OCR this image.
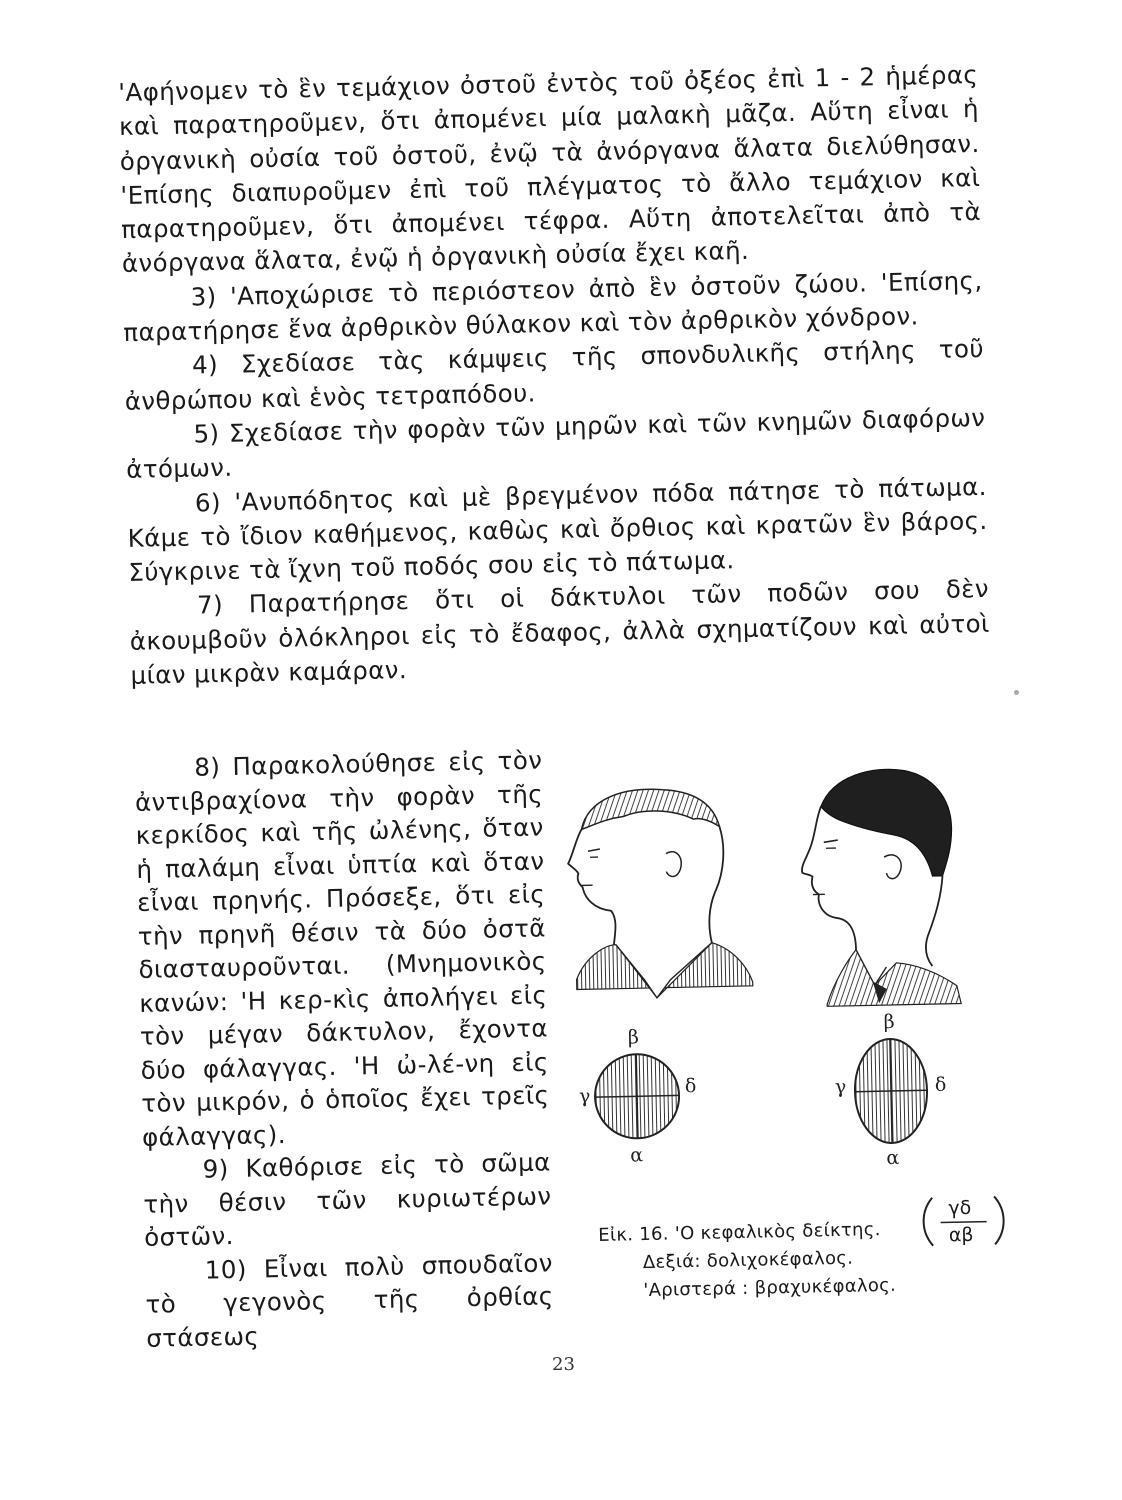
'Αφήνομεν τὸ ἓν τεμάχιον ὀστοῦ ἐντὸς τοῦ ὀξέος ἐπὶ 1 - 2 ἡμέρας καὶ παρατηροῦμεν, ὅτι ἀπομένει μία μαλακὴ μᾶζα. Αὕτη εἶναι ἡ ὀργανικὴ οὐσία τοῦ ὀστοῦ, ἐνῷ τὰ ἀνόργανα ἅλατα διελύθησαν. 'Επίσης διαπυροῦμεν ἐπὶ τοῦ πλέγματος τὸ ἄλλο τεμάχιον καὶ παρατηροῦμεν, ὅτι ἀπομένει τέφρα. Αὕτη ἀποτελεῖται ἀπὸ τὰ ἀνόργανα ἅλατα, ἐνῷ ἡ ὀργανικὴ οὐσία ἔχει καῆ.

3) 'Αποχώρισε τὸ περιόστεον ἀπὸ ἓν ὀστοῦν ζώου. 'Επίσης, παρατήρησε ἕνα ἀρθρικὸν θύλακον καὶ τὸν ἀρθρικὸν χόνδρον.

4) Σχεδίασε τὰς κάμψεις τῆς σπονδυλικῆς στήλης τοῦ ἀνθρώπου καὶ ἑνὸς τετραπόδου.

5) Σχεδίασε τὴν φορὰν τῶν μηρῶν καὶ τῶν κνημῶν διαφόρων ἀτόμων.

6) 'Ανυπόδητος καὶ μὲ βρεγμένον πόδα πάτησε τὸ πάτωμα. Κάμε τὸ ἴδιον καθήμενος, καθὼς καὶ ὄρθιος καὶ κρατῶν ἓν βάρος. Σύγκρινε τὰ ἴχνη τοῦ ποδός σου εἰς τὸ πάτωμα.

7) Παρατήρησε ὅτι οἱ δάκτυλοι τῶν ποδῶν σου δὲν ἀκουμβοῦν ὁλόκληροι εἰς τὸ ἔδαφος, ἀλλὰ σχηματίζουν καὶ αὐτοὶ μίαν μικρὰν καμάραν.

8) Παρακολούθησε εἰς τὸν ἀντιβραχίονα τὴν φορὰν τῆς κερκίδος καὶ τῆς ὠλένης, ὅταν ἡ παλάμη εἶναι ὑπτία καὶ ὅταν εἶναι πρηνής. Πρόσεξε, ὅτι εἰς τὴν πρηνῆ θέσιν τὰ δύο ὀστᾶ διασταυροῦνται. (Μνημονικὸς κανών: 'Η κερ-κὶς ἀπολήγει εἰς τὸν μέγαν δάκτυλον, ἔχοντα δύο φάλαγγας. 'Η ὠ-λέ-νη εἰς τὸν μικρόν, ὁ ὁποῖος ἔχει τρεῖς φάλαγγας).

9) Καθόρισε εἰς τὸ σῶμα τὴν θέσιν τῶν κυριωτέρων ὀστῶν.

10) Εἶναι πολὺ σπουδαῖον τὸ γεγονὸς τῆς ὀρθίας στάσεως

β
γ	δ
α
β
γ	δ
α
Εἰκ. 16. 'Ο κεφαλικὸς δείκτης.
Δεξιά: δολιχοκέφαλος.
'Αριστερά : βραχυκέφαλος.
γδ
αβ
23
